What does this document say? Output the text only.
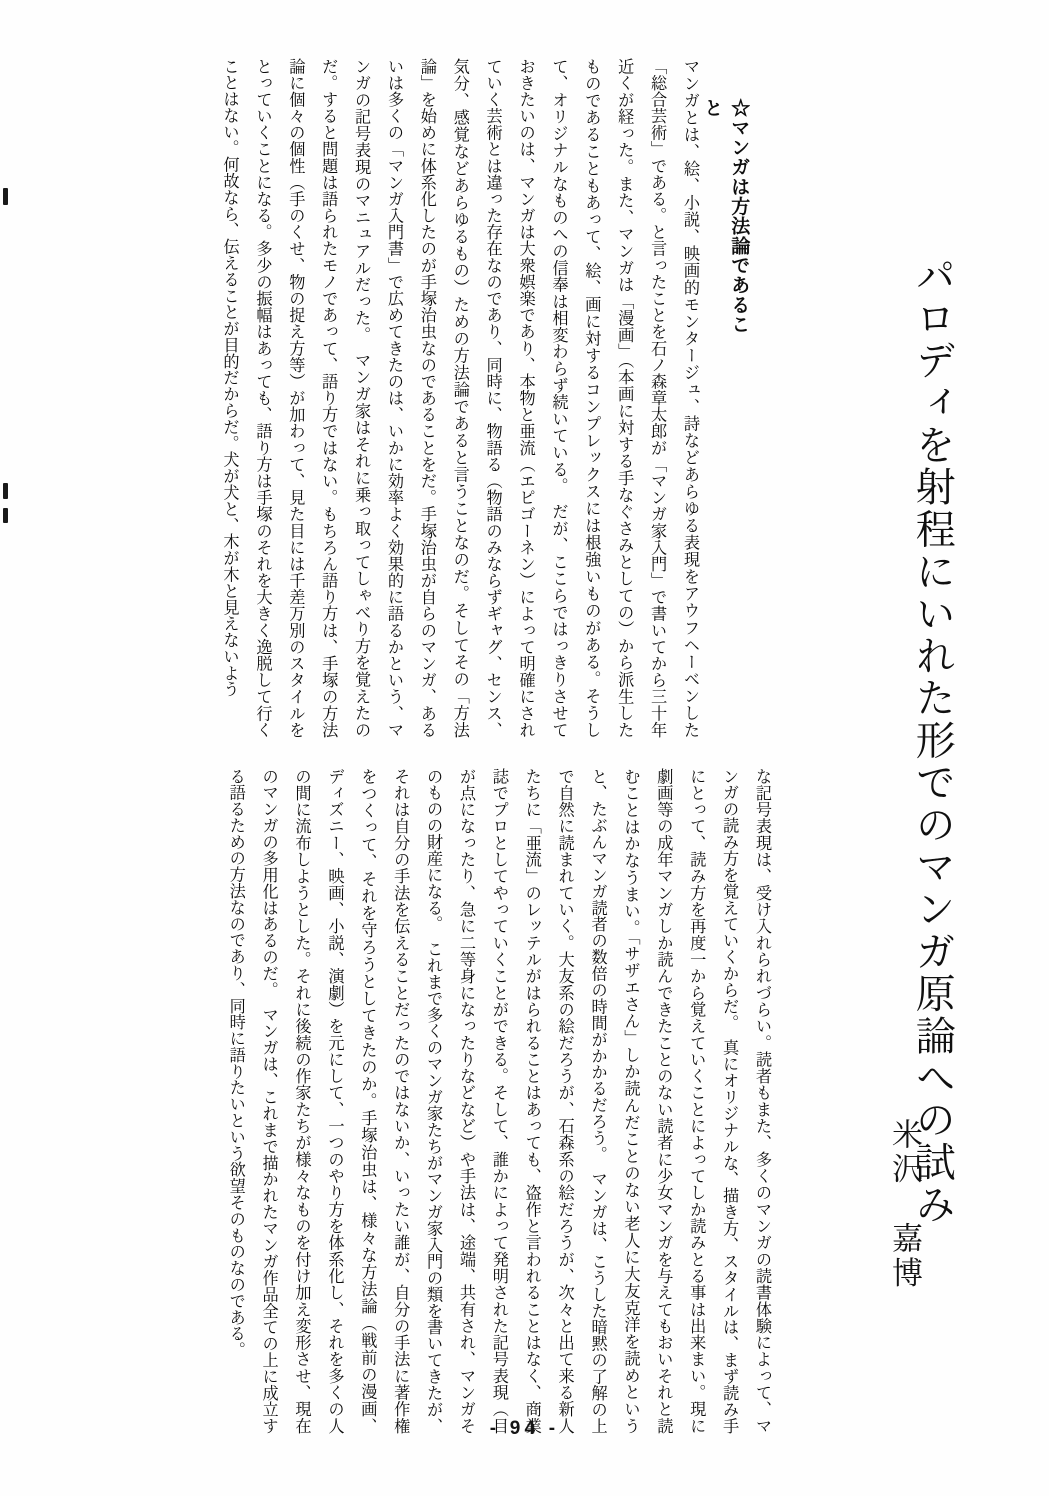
パロディを射程にいれた形でのマンガ原論への試み
米沢　嘉博
☆マンガは方法論であること
マンガとは、絵、小説、映画的モンタージュ、詩などあらゆる表現をアウフヘーベンした「総合芸術」である。と言ったことを石ノ森章太郎が「マンガ家入門」で書いてから三十年近くが経った。また、マンガは「漫画」（本画に対する手なぐさみとしての）から派生したものであることもあって、絵、画に対するコンプレックスには根強いものがある。そうして、オリジナルなものへの信奉は相変わらず続いている。　だが、ここらではっきりさせておきたいのは、マンガは大衆娯楽であり、本物と亜流（エピゴーネン）によって明確にされていく芸術とは違った存在なのであり、同時に、物語る（物語のみならずギャグ、センス、気分、感覚などあらゆるもの）ための方法論であると言うことなのだ。そしてその「方法論」を始めに体系化したのが手塚治虫なのであることをだ。手塚治虫が自らのマンガ、あるいは多くの「マンガ入門書」で広めてきたのは、いかに効率よく効果的に語るかという、マンガの記号表現のマニュアルだった。　マンガ家はそれに乗っ取ってしゃべり方を覚えたのだ。すると問題は語られたモノであって、語り方ではない。もちろん語り方は、手塚の方法論に個々の個性（手のくせ、物の捉え方等）が加わって、見た目には千差万別のスタイルをとっていくことになる。多少の振幅はあっても、語り方は手塚のそれを大きく逸脱して行くことはない。何故なら、伝えることが目的だからだ。犬が犬と、木が木と見えないよう
な記号表現は、受け入れられづらい。読者もまた、多くのマンガの読書体験によって、マンガの読み方を覚えていくからだ。　真にオリジナルな、描き方、スタイルは、まず読み手にとって、読み方を再度一から覚えていくことによってしか読みとる事は出来まい。現に劇画等の成年マンガしか読んできたことのない読者に少女マンガを与えてもおいそれと読むことはかなうまい。「サザエさん」しか読んだことのない老人に大友克洋を読めというと、たぶんマンガ読者の数倍の時間がかかるだろう。　マンガは、こうした暗黙の了解の上で自然に読まれていく。大友系の絵だろうが、石森系の絵だろうが、次々と出て来る新人たちに「亜流」のレッテルがはられることはあっても、盗作と言われることはなく、商業誌でプロとしてやっていくことができる。そして、誰かによって発明された記号表現（目が点になったり、急に二等身になったりなどなど）や手法は、途端、共有され、マンガそのものの財産になる。　これまで多くのマンガ家たちがマンガ家入門の類を書いてきたが、それは自分の手法を伝えることだったのではないか、いったい誰が、自分の手法に著作権をつくって、それを守ろうとしてきたのか。手塚治虫は、様々な方法論（戦前の漫画、ディズニー、映画、小説、演劇）を元にして、一つのやり方を体系化し、それを多くの人の間に流布しようとした。それに後続の作家たちが様々なものを付け加え変形させ、現在のマンガの多用化はあるのだ。　マンガは、これまで描かれたマンガ作品全ての上に成立する語るための方法なのであり、同時に語りたいという欲望そのものなのである。
- 94 -
